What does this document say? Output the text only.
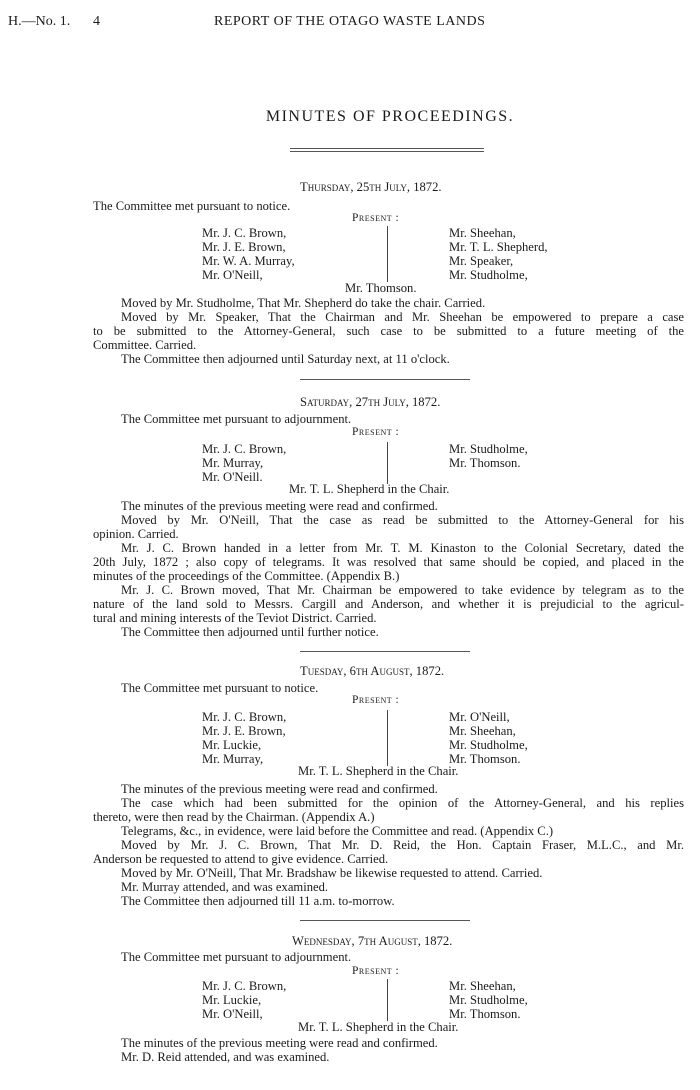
H.—No. 1. 4	REPORT OF THE OTAGO WASTE LANDS
MINUTES OF PROCEEDINGS.
Thursday, 25th July, 1872.
The Committee met pursuant to notice.
Present :
Mr. J. C. Brown,
Mr. J. E. Brown,
Mr. W. A. Murray,
Mr. O'Neill,
Mr. Sheehan,
Mr. T. L. Shepherd,
Mr. Speaker,
Mr. Studholme,
Mr. Thomson.
Moved by Mr. Studholme, That Mr. Shepherd do take the chair. Carried.
Moved by Mr. Speaker, That the Chairman and Mr. Sheehan be empowered to prepare a case
to be submitted to the Attorney-General, such case to be submitted to a future meeting of the
Committee. Carried.
The Committee then adjourned until Saturday next, at 11 o'clock.
Saturday, 27th July, 1872.
The Committee met pursuant to adjournment.
Present :
Mr. J. C. Brown,
Mr. Murray,
Mr. O'Neill.
Mr. Studholme,
Mr. Thomson.
Mr. T. L. Shepherd in the Chair.
The minutes of the previous meeting were read and confirmed.
Moved by Mr. O'Neill, That the case as read be submitted to the Attorney-General for his
opinion. Carried.
Mr. J. C. Brown handed in a letter from Mr. T. M. Kinaston to the Colonial Secretary, dated the
20th July, 1872 ; also copy of telegrams. It was resolved that same should be copied, and placed in the
minutes of the proceedings of the Committee. (Appendix B.)
Mr. J. C. Brown moved, That Mr. Chairman be empowered to take evidence by telegram as to the
nature of the land sold to Messrs. Cargill and Anderson, and whether it is prejudicial to the agricul-
tural and mining interests of the Teviot District. Carried.
The Committee then adjourned until further notice.
Tuesday, 6th August, 1872.
The Committee met pursuant to notice.
Present :
Mr. J. C. Brown,
Mr. J. E. Brown,
Mr. Luckie,
Mr. Murray,
Mr. O'Neill,
Mr. Sheehan,
Mr. Studholme,
Mr. Thomson.
Mr. T. L. Shepherd in the Chair.
The minutes of the previous meeting were read and confirmed.
The case which had been submitted for the opinion of the Attorney-General, and his replies
thereto, were then read by the Chairman. (Appendix A.)
Telegrams, &c., in evidence, were laid before the Committee and read. (Appendix C.)
Moved by Mr. J. C. Brown, That Mr. D. Reid, the Hon. Captain Fraser, M.L.C., and Mr.
Anderson be requested to attend to give evidence. Carried.
Moved by Mr. O'Neill, That Mr. Bradshaw be likewise requested to attend. Carried.
Mr. Murray attended, and was examined.
The Committee then adjourned till 11 a.m. to-morrow.
Wednesday, 7th August, 1872.
The Committee met pursuant to adjournment.
Present :
Mr. J. C. Brown,
Mr. Luckie,
Mr. O'Neill,
Mr. Sheehan,
Mr. Studholme,
Mr. Thomson.
Mr. T. L. Shepherd in the Chair.
The minutes of the previous meeting were read and confirmed.
Mr. D. Reid attended, and was examined.
